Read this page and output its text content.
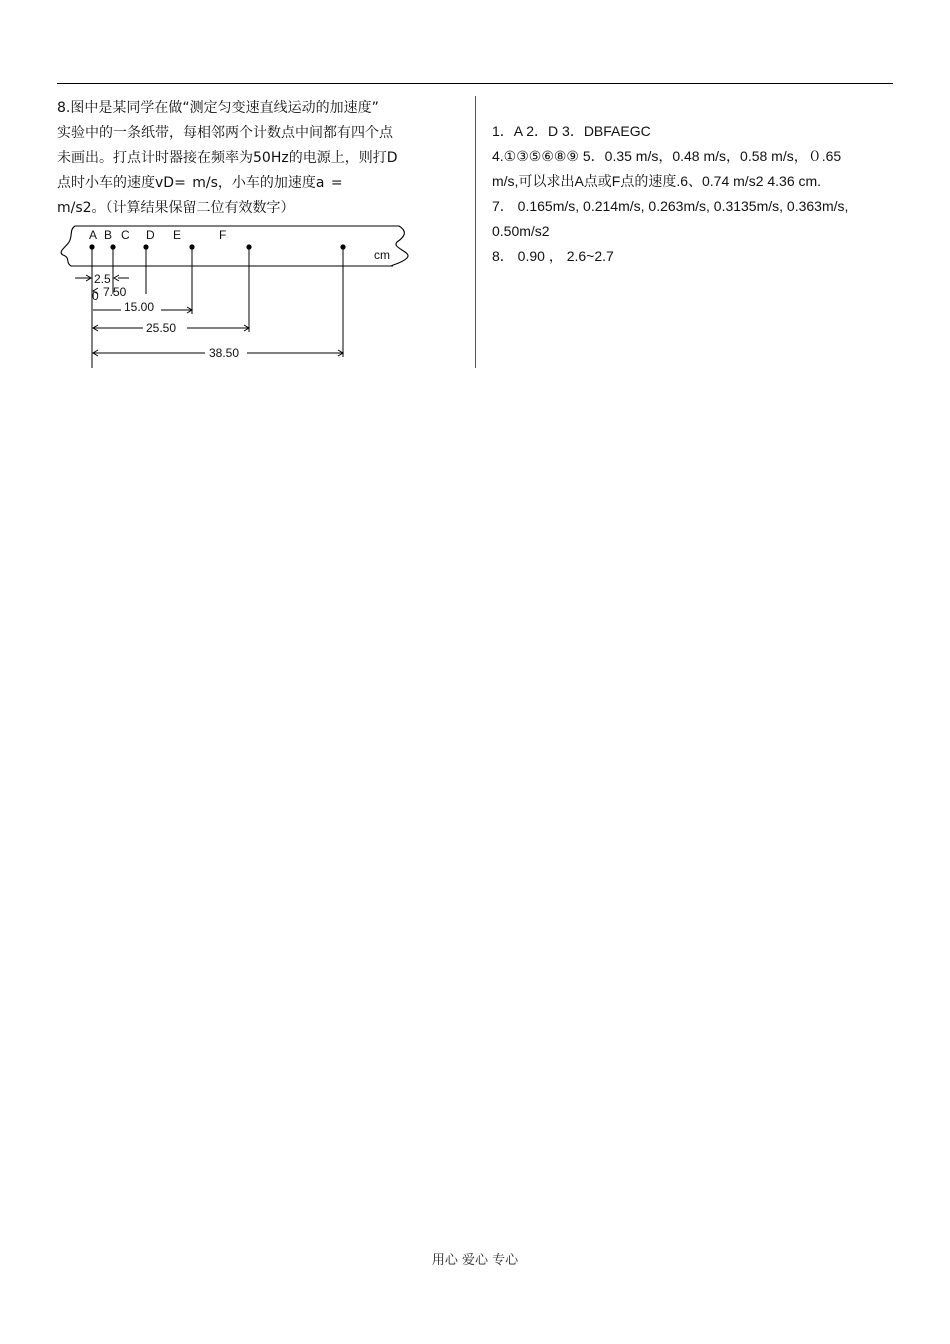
8.图中是某同学在做“测定匀变速直线运动的加速度”

实验中的一条纸带，每相邻两个计数点中间都有四个点

未画出。打点计时器接在频率为50Hz的电源上，则打D

点时小车的速度vD= m/s，小车的加速度a =

m/s2。（计算结果保留二位有效数字）

A B C D E	F
cm
2.5
0 7.50
15.00
25.50
38.50

1．A 2．D 3．DBFAEGC

4.①③⑤⑥⑧⑨ 5．0.35 m/s，0.48 m/s，0.58 m/s，０.65

m/s,可以求出A点或F点的速度.6、0.74 m/s2 4.36 cm.

7． 0.165m/s, 0.214m/s, 0.263m/s, 0.3135m/s, 0.363m/s,

0.50m/s2

8． 0.90 ， 2.6~2.7

用心 爱心 专心
